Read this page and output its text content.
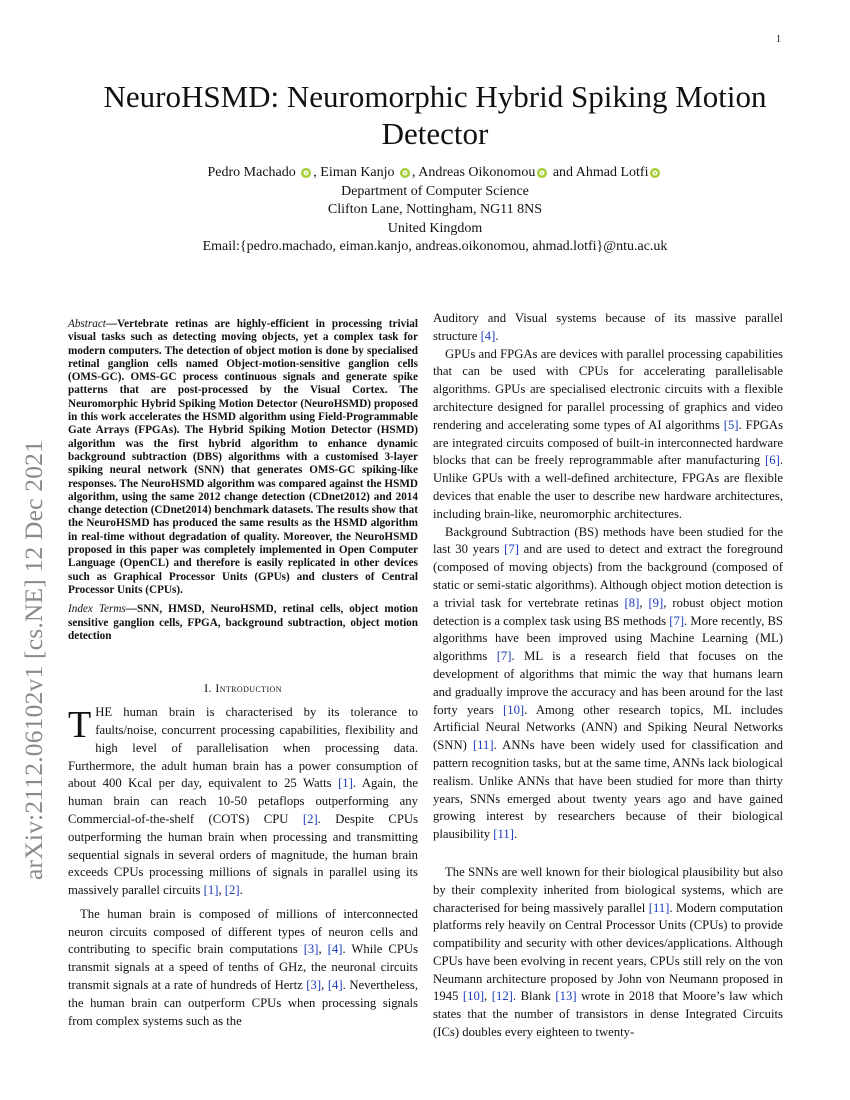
1
arXiv:2112.06102v1 [cs.NE] 12 Dec 2021
NeuroHSMD: Neuromorphic Hybrid Spiking Motion Detector
Pedro Machado , Eiman Kanjo , Andreas Oikonomou and Ahmad Lotfi
Department of Computer Science
Clifton Lane, Nottingham, NG11 8NS
United Kingdom
Email:{pedro.machado, eiman.kanjo, andreas.oikonomou, ahmad.lotfi}@ntu.ac.uk

Abstract—Vertebrate retinas are highly-efficient in processing trivial visual tasks such as detecting moving objects, yet a complex task for modern computers. The detection of object motion is done by specialised retinal ganglion cells named Object-motion-sensitive ganglion cells (OMS-GC). OMS-GC process continuous signals and generate spike patterns that are post-processed by the Visual Cortex. The Neuromorphic Hybrid Spiking Motion Detector (NeuroHSMD) proposed in this work accelerates the HSMD algorithm using Field-Programmable Gate Arrays (FPGAs). The Hybrid Spiking Motion Detector (HSMD) algorithm was the first hybrid algorithm to enhance dynamic background subtraction (DBS) algorithms with a customised 3-layer spiking neural network (SNN) that generates OMS-GC spiking-like responses. The NeuroHSMD algorithm was compared against the HSMD algorithm, using the same 2012 change detection (CDnet2012) and 2014 change detection (CDnet2014) benchmark datasets. The results show that the NeuroHSMD has produced the same results as the HSMD algorithm in real-time without degradation of quality. Moreover, the NeuroHSMD proposed in this paper was completely implemented in Open Computer Language (OpenCL) and therefore is easily replicated in other devices such as Graphical Processor Units (GPUs) and clusters of Central Processor Units (CPUs).

Index Terms—SNN, HMSD, NeuroHSMD, retinal cells, object motion sensitive ganglion cells, FPGA, background subtraction, object motion detection

I. Introduction

THE human brain is characterised by its tolerance to faults/noise, concurrent processing capabilities, flexibility and high level of parallelisation when processing data. Furthermore, the adult human brain has a power consumption of about 400 Kcal per day, equivalent to 25 Watts [1]. Again, the human brain can reach 10-50 petaflops outperforming any Commercial-of-the-shelf (COTS) CPU [2]. Despite CPUs outperforming the human brain when processing and transmitting sequential signals in several orders of magnitude, the human brain exceeds CPUs processing millions of signals in parallel using its massively parallel circuits [1], [2].

The human brain is composed of millions of interconnected neuron circuits composed of different types of neuron cells and contributing to specific brain computations [3], [4]. While CPUs transmit signals at a speed of tenths of GHz, the neuronal circuits transmit signals at a rate of hundreds of Hertz [3], [4]. Nevertheless, the human brain can outperform CPUs when processing signals from complex systems such as the

Auditory and Visual systems because of its massive parallel structure [4].

GPUs and FPGAs are devices with parallel processing capabilities that can be used with CPUs for accelerating parallelisable algorithms. GPUs are specialised electronic circuits with a flexible architecture designed for parallel processing of graphics and video rendering and accelerating some types of AI algorithms [5]. FPGAs are integrated circuits composed of built-in interconnected hardware blocks that can be freely reprogrammable after manufacturing [6]. Unlike GPUs with a well-defined architecture, FPGAs are flexible devices that enable the user to describe new hardware architectures, including brain-like, neuromorphic architectures.

Background Subtraction (BS) methods have been studied for the last 30 years [7] and are used to detect and extract the foreground (composed of moving objects) from the background (composed of static or semi-static algorithms). Although object motion detection is a trivial task for vertebrate retinas [8], [9], robust object motion detection is a complex task using BS methods [7]. More recently, BS algorithms have been improved using Machine Learning (ML) algorithms [7]. ML is a research field that focuses on the development of algorithms that mimic the way that humans learn and gradually improve the accuracy and has been around for the last forty years [10]. Among other research topics, ML includes Artificial Neural Networks (ANN) and Spiking Neural Networks (SNN) [11]. ANNs have been widely used for classification and pattern recognition tasks, but at the same time, ANNs lack biological realism. Unlike ANNs that have been studied for more than thirty years, SNNs emerged about twenty years ago and have gained growing interest by researchers because of their biological plausibility [11].

The SNNs are well known for their biological plausibility but also by their complexity inherited from biological systems, which are characterised for being massively parallel [11]. Modern computation platforms rely heavily on Central Processor Units (CPUs) to provide compatibility and security with other devices/applications. Although CPUs have been evolving in recent years, CPUs still rely on the von Neumann architecture proposed by John von Neumann proposed in 1945 [10], [12]. Blank [13] wrote in 2018 that Moore’s law which states that the number of transistors in dense Integrated Circuits (ICs) doubles every eighteen to twenty-
